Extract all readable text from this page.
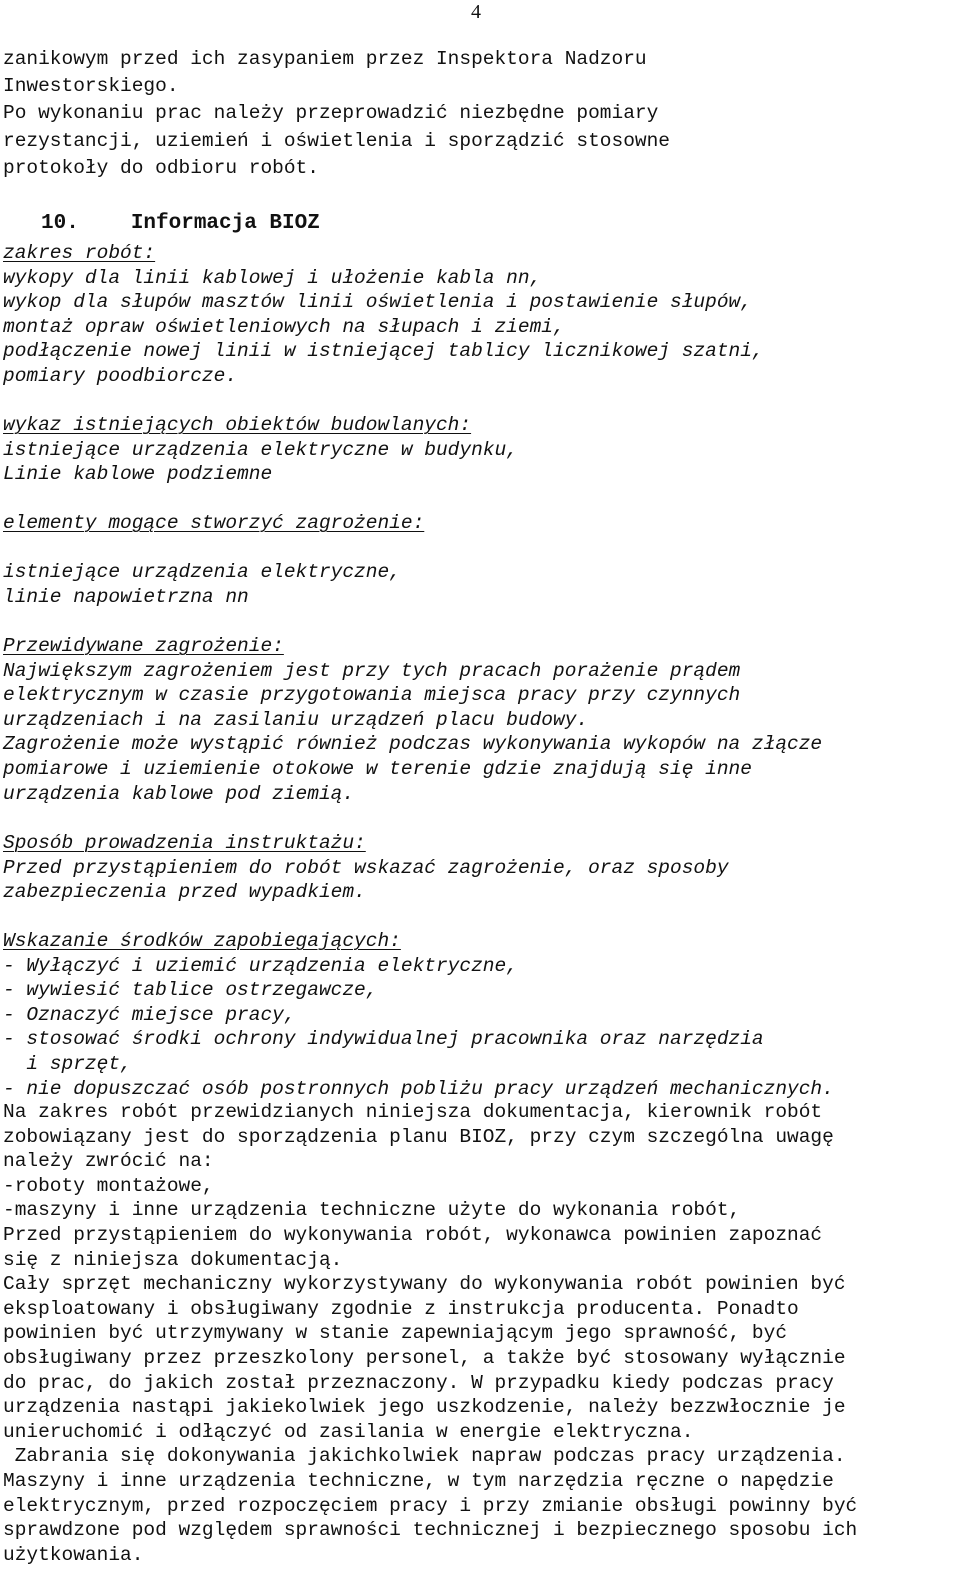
4
zanikowym przed ich zasypaniem przez Inspektora Nadzoru
Inwestorskiego.
Po wykonaniu prac należy przeprowadzić niezbędne pomiary
rezystancji, uziemień i oświetlenia i sporządzić stosowne
protokoły do odbioru robót.
10. Informacja BIOZ
zakres robót:
wykopy dla linii kablowej i ułożenie kabla nn,
wykop dla słupów masztów linii oświetlenia i postawienie słupów,
montaż opraw oświetleniowych na słupach i ziemi,
podłączenie nowej linii w istniejącej tablicy licznikowej szatni,
pomiary poodbiorcze.
wykaz istniejących obiektów budowlanych:
istniejące urządzenia elektryczne w budynku,
Linie kablowe podziemne
elementy mogące stworzyć zagrożenie:
istniejące urządzenia elektryczne,
linie napowietrzna nn
Przewidywane zagrożenie:
Największym zagrożeniem jest przy tych pracach porażenie prądem
elektrycznym w czasie przygotowania miejsca pracy przy czynnych
urządzeniach i na zasilaniu urządzeń placu budowy.
Zagrożenie może wystąpić również podczas wykonywania wykopów na złącze
pomiarowe i uziemienie otokowe w terenie gdzie znajdują się inne
urządzenia kablowe pod ziemią.
Sposób prowadzenia instruktażu:
Przed przystąpieniem do robót wskazać zagrożenie, oraz sposoby
zabezpieczenia przed wypadkiem.
Wskazanie środków zapobiegających:
- Wyłączyć i uziemić urządzenia elektryczne,
- wywiesić tablice ostrzegawcze,
- Oznaczyć miejsce pracy,
- stosować środki ochrony indywidualnej pracownika oraz narzędzia
i sprzęt,
- nie dopuszczać osób postronnych pobliżu pracy urządzeń mechanicznych.
Na zakres robót przewidzianych niniejsza dokumentacja, kierownik robót
zobowiązany jest do sporządzenia planu BIOZ, przy czym szczególna uwagę
należy zwrócić na:
-roboty montażowe,
-maszyny i inne urządzenia techniczne użyte do wykonania robót,
Przed przystąpieniem do wykonywania robót, wykonawca powinien zapoznać
się z niniejsza dokumentacją.
Cały sprzęt mechaniczny wykorzystywany do wykonywania robót powinien być
eksploatowany i obsługiwany zgodnie z instrukcja producenta. Ponadto
powinien być utrzymywany w stanie zapewniającym jego sprawność, być
obsługiwany przez przeszkolony personel, a także być stosowany wyłącznie
do prac, do jakich został przeznaczony. W przypadku kiedy podczas pracy
urządzenia nastąpi jakiekolwiek jego uszkodzenie, należy bezzwłocznie je
unieruchomić i odłączyć od zasilania w energie elektryczna.
Zabrania się dokonywania jakichkolwiek napraw podczas pracy urządzenia.
Maszyny i inne urządzenia techniczne, w tym narzędzia ręczne o napędzie
elektrycznym, przed rozpoczęciem pracy i przy zmianie obsługi powinny być
sprawdzone pod względem sprawności technicznej i bezpiecznego sposobu ich
użytkowania.
